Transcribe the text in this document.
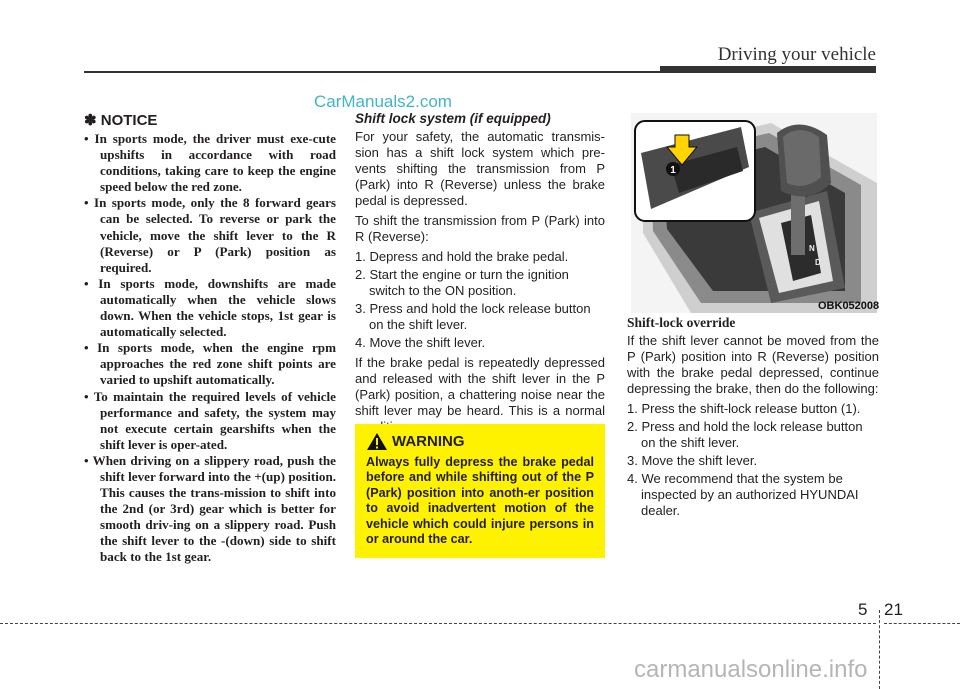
Driving your vehicle
CarManuals2.com
✽ NOTICE
• In sports mode, the driver must exe-cute upshifts in accordance with road conditions, taking care to keep the engine speed below the red zone.
• In sports mode, only the 8 forward gears can be selected. To reverse or park the vehicle, move the shift lever to the R (Reverse) or P (Park) position as required.
• In sports mode, downshifts are made automatically when the vehicle slows down. When the vehicle stops, 1st gear is automatically selected.
• In sports mode, when the engine rpm approaches the red zone shift points are varied to upshift automatically.
• To maintain the required levels of vehicle performance and safety, the system may not execute certain gearshifts when the shift lever is oper-ated.
• When driving on a slippery road, push the shift lever forward into the +(up) position. This causes the trans-mission to shift into the 2nd (or 3rd) gear which is better for smooth driv-ing on a slippery road. Push the shift lever to the -(down) side to shift back to the 1st gear.
Shift lock system (if equipped)

For your safety, the automatic transmis-sion has a shift lock system which pre-vents shifting the transmission from P (Park) into R (Reverse) unless the brake pedal is depressed.

To shift the transmission from P (Park) into R (Reverse):

1. Depress and hold the brake pedal.
2. Start the engine or turn the ignition switch to the ON position.
3. Press and hold the lock release button on the shift lever.
4. Move the shift lever.

If the brake pedal is repeatedly depressed and released with the shift lever in the P (Park) position, a chattering noise near the shift lever may be heard. This is a normal

WARNING
Always fully depress the brake pedal before and while shifting out of the P (Park) position into anoth-er position to avoid inadvertent motion of the vehicle which could injure persons in or around the car.
N
D
1
OBK052008
Shift-lock override

If the shift lever cannot be moved from the P (Park) position into R (Reverse) position with the brake pedal depressed, continue depressing the brake, then do the following:

1. Press the shift-lock release button (1).
2. Press and hold the lock release button on the shift lever.
3. Move the shift lever.
4. We recommend that the system be inspected by an authorized HYUNDAI dealer.
5 21
carmanualsonline.info
